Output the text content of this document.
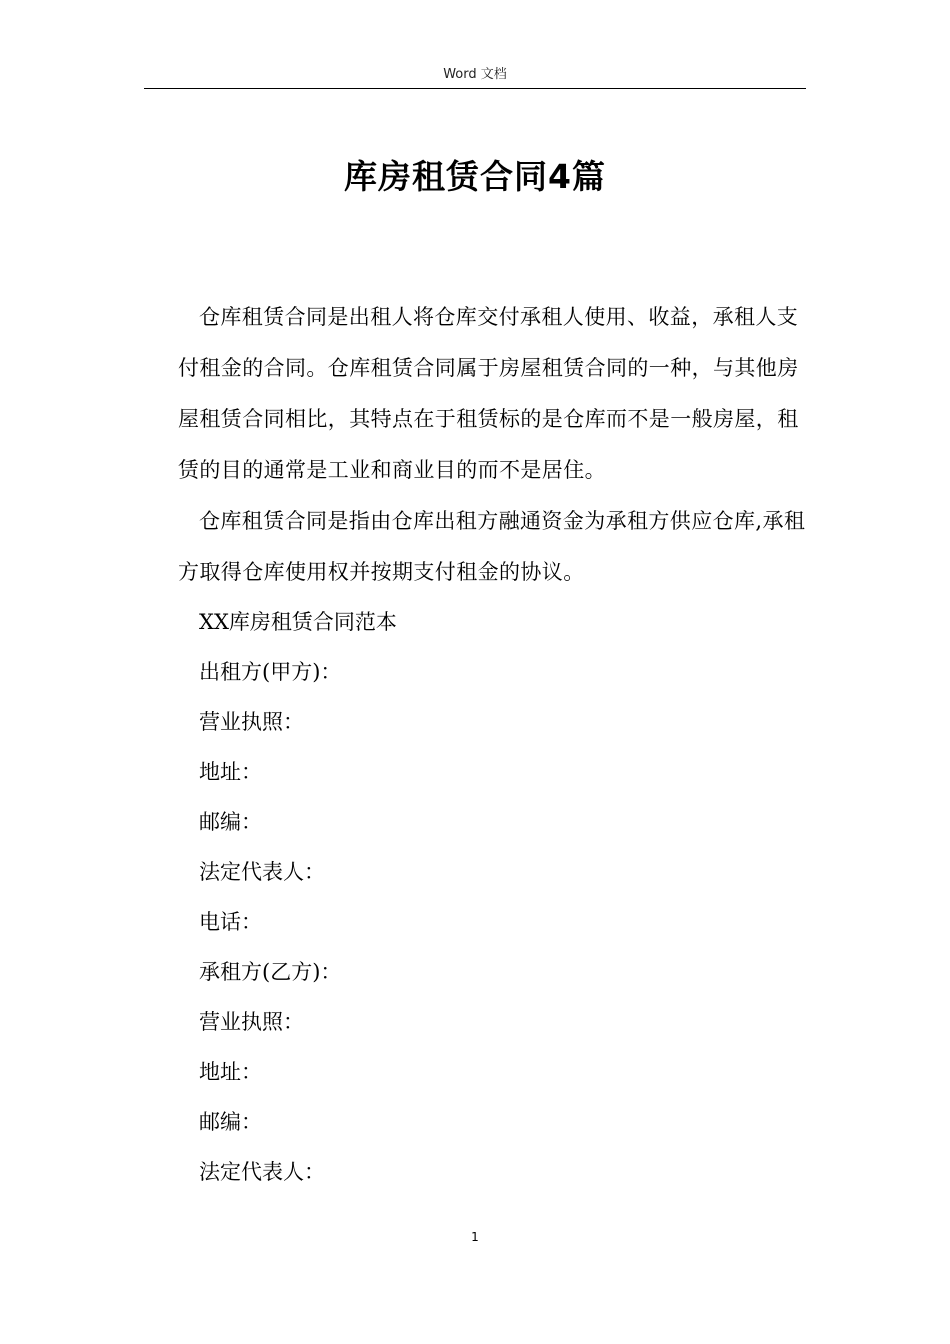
Word 文档
库房租赁合同4篇

仓库租赁合同是出租人将仓库交付承租人使用、收益，承租人支付租金的合同。仓库租赁合同属于房屋租赁合同的一种，与其他房屋租赁合同相比，其特点在于租赁标的是仓库而不是一般房屋，租赁的目的通常是工业和商业目的而不是居住。

仓库租赁合同是指由仓库出租方融通资金为承租方供应仓库,承租方取得仓库使用权并按期支付租金的协议。

XX库房租赁合同范本

出租方(甲方)：

营业执照：

地址：

邮编：

法定代表人：

电话：

承租方(乙方)：

营业执照：

地址：

邮编：

法定代表人：

1
